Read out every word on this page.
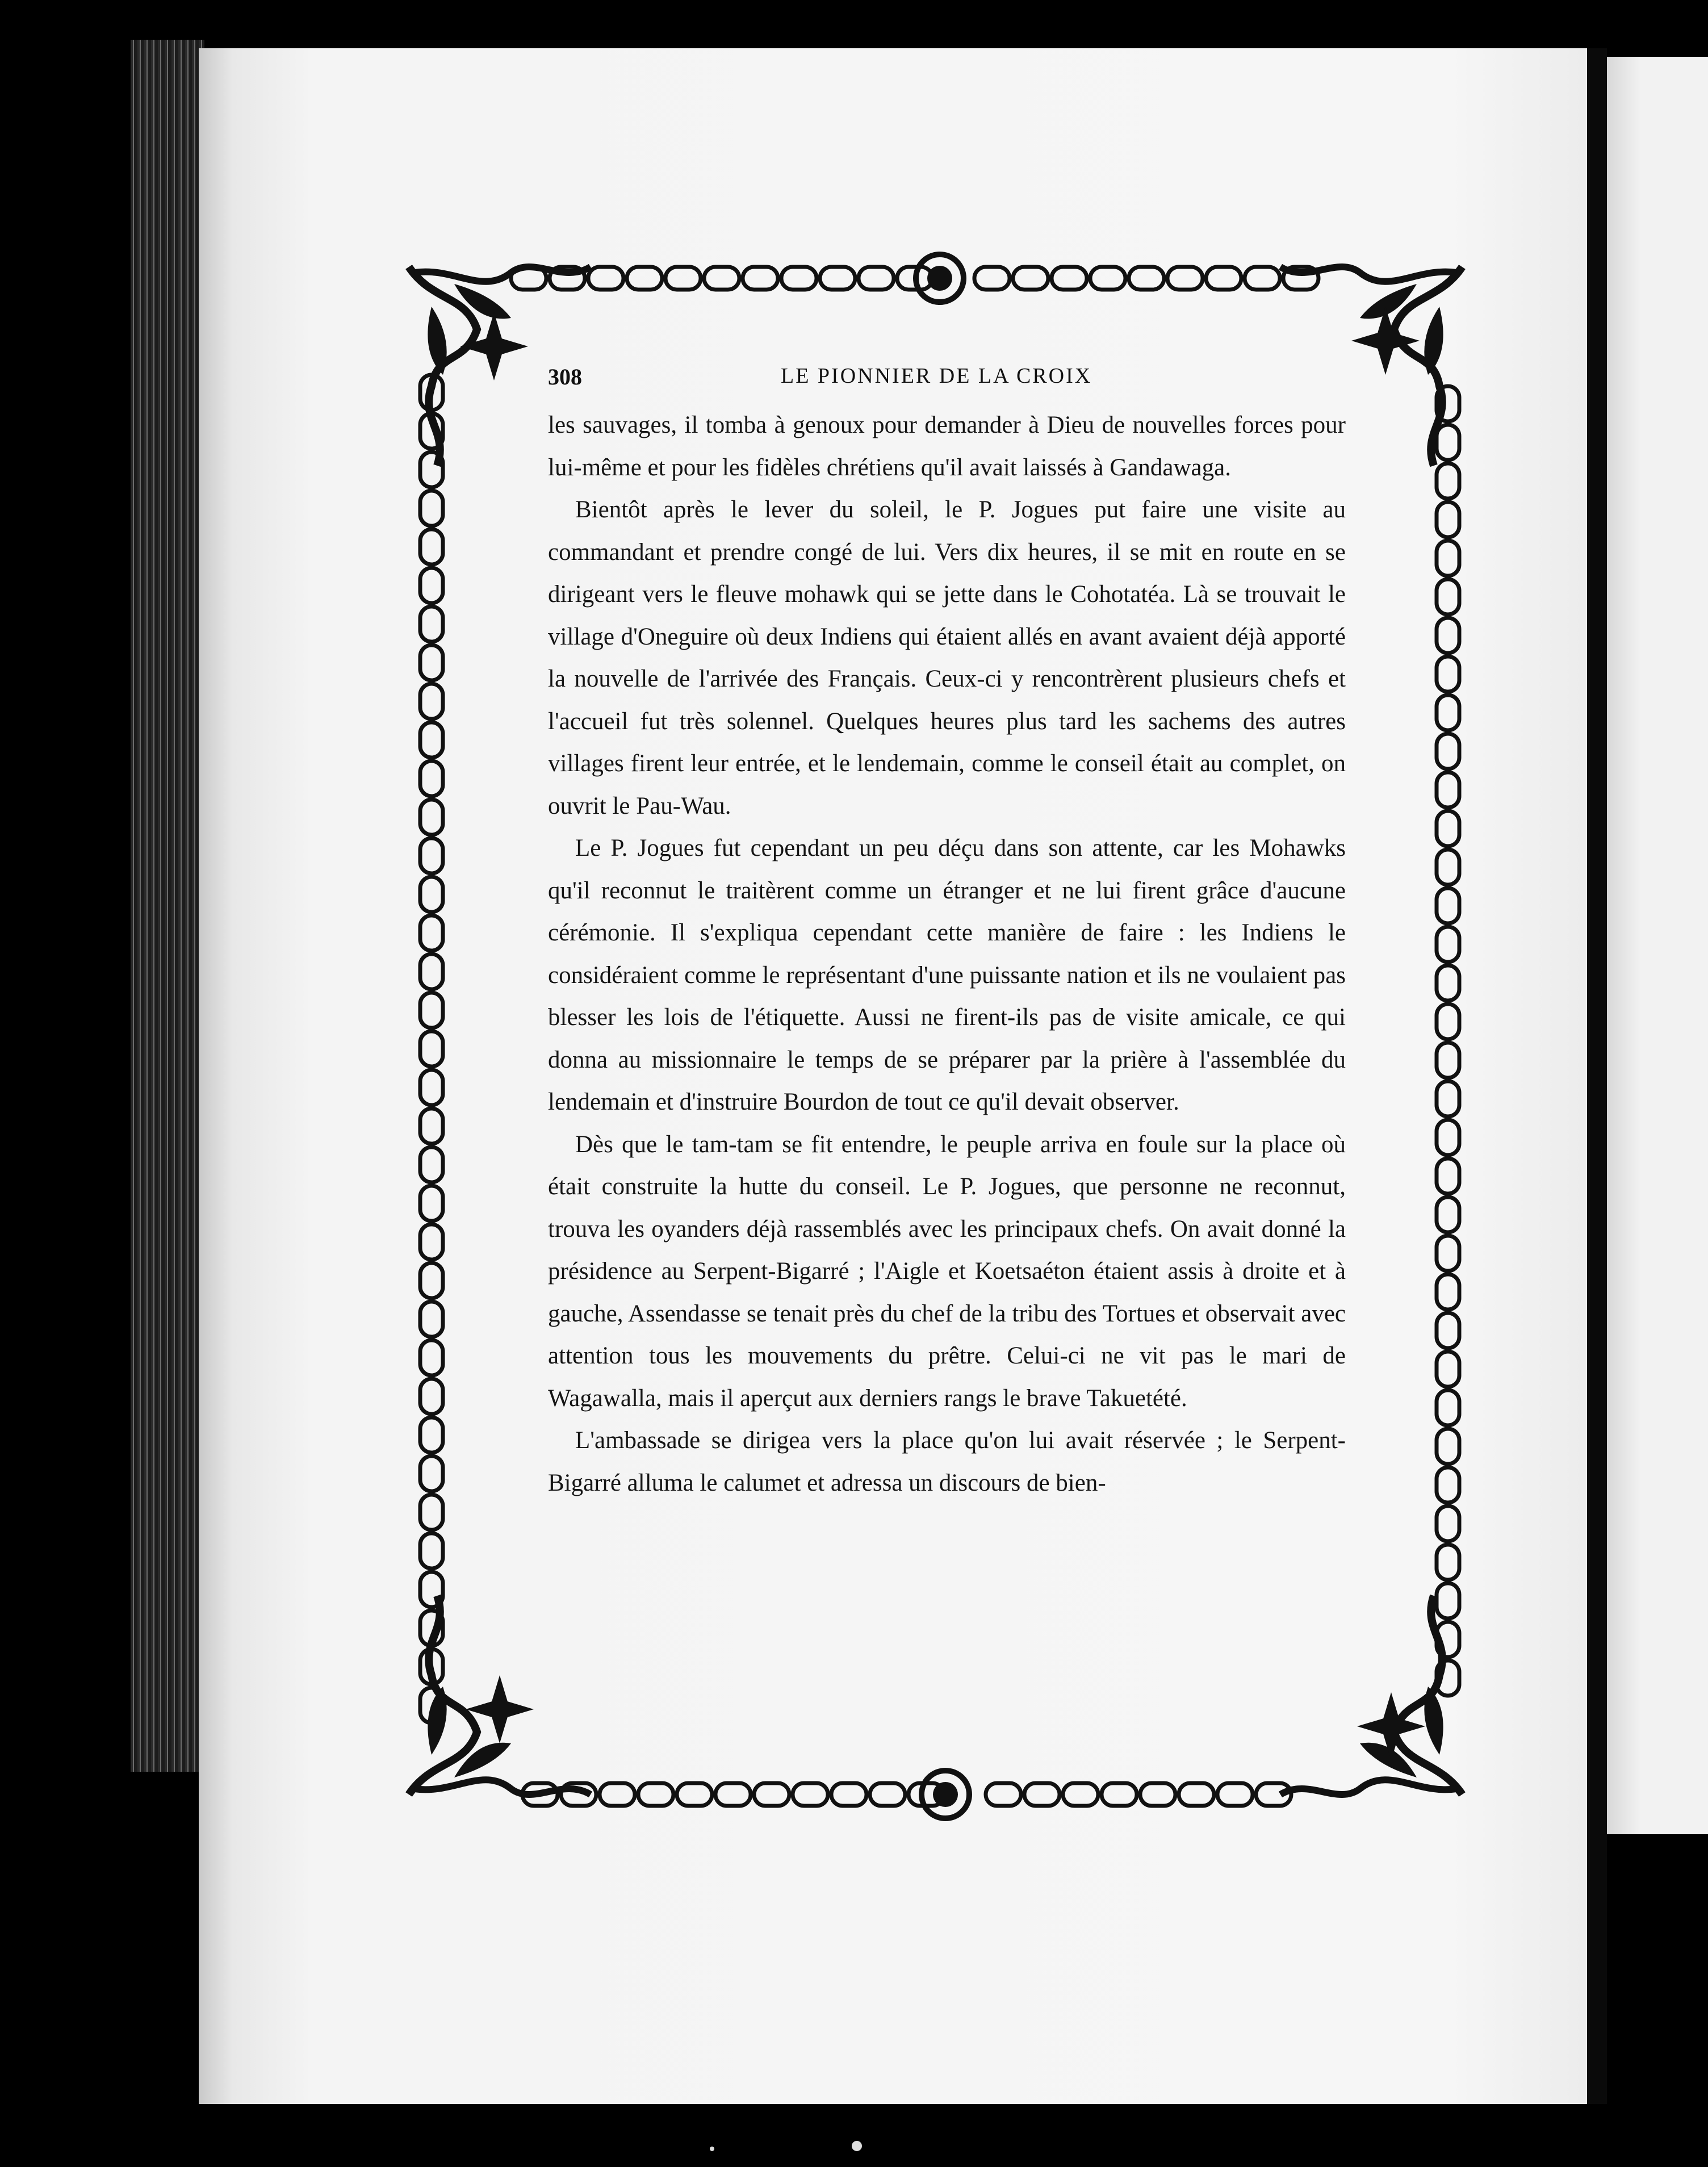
308	LE PIONNIER DE LA CROIX

les sauvages, il tomba à genoux pour demander à Dieu de nouvelles forces pour lui-même et pour les fidèles chrétiens qu'il avait laissés à Gandawaga.

Bientôt après le lever du soleil, le P. Jogues put faire une visite au commandant et prendre congé de lui. Vers dix heures, il se mit en route en se dirigeant vers le fleuve mohawk qui se jette dans le Cohotatéa. Là se trouvait le village d'Oneguire où deux Indiens qui étaient allés en avant avaient déjà apporté la nouvelle de l'arrivée des Français. Ceux-ci y rencontrèrent plusieurs chefs et l'accueil fut très solennel. Quelques heures plus tard les sachems des autres villages firent leur entrée, et le lendemain, comme le conseil était au complet, on ouvrit le Pau-Wau.

Le P. Jogues fut cependant un peu déçu dans son attente, car les Mohawks qu'il reconnut le traitèrent comme un étranger et ne lui firent grâce d'aucune cérémonie. Il s'expliqua cependant cette manière de faire : les Indiens le considéraient comme le représentant d'une puissante nation et ils ne voulaient pas blesser les lois de l'étiquette. Aussi ne firent-ils pas de visite amicale, ce qui donna au missionnaire le temps de se préparer par la prière à l'assemblée du lendemain et d'instruire Bourdon de tout ce qu'il devait observer.

Dès que le tam-tam se fit entendre, le peuple arriva en foule sur la place où était construite la hutte du conseil. Le P. Jogues, que personne ne reconnut, trouva les oyanders déjà rassemblés avec les principaux chefs. On avait donné la présidence au Serpent-Bigarré ; l'Aigle et Koetsaéton étaient assis à droite et à gauche, Assendasse se tenait près du chef de la tribu des Tortues et observait avec attention tous les mouvements du prêtre. Celui-ci ne vit pas le mari de Wagawalla, mais il aperçut aux derniers rangs le brave Takuetété.

L'ambassade se dirigea vers la place qu'on lui avait réservée ; le Serpent-Bigarré alluma le calumet et adressa un discours de bien-
